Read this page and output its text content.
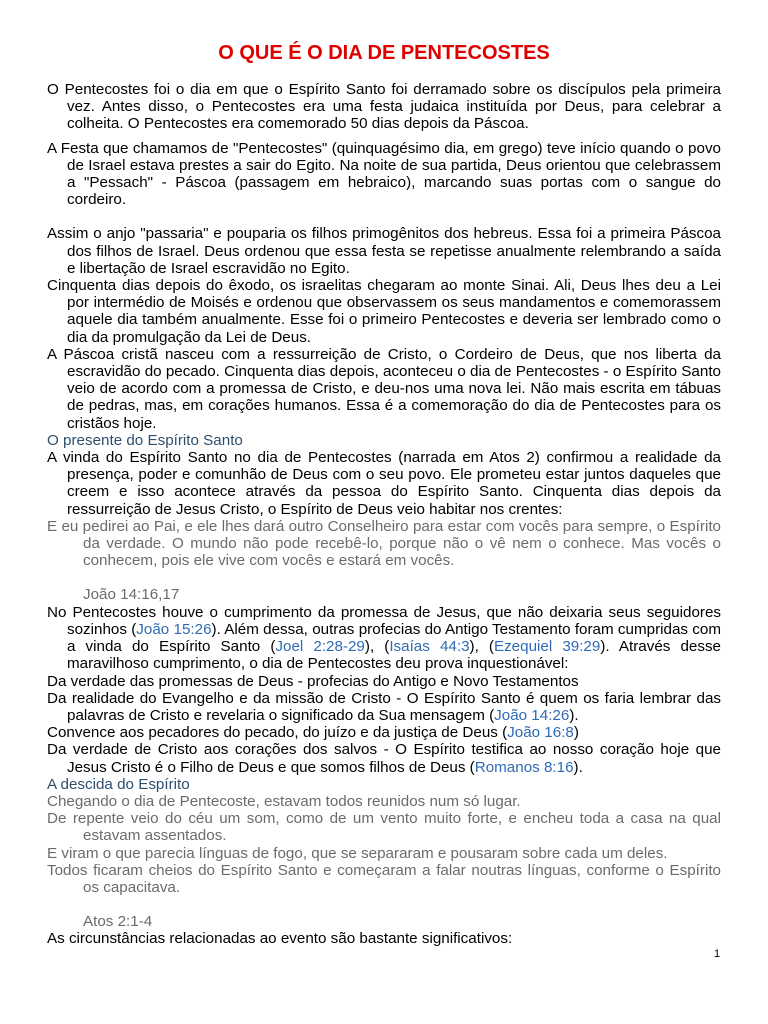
O QUE É O DIA DE PENTECOSTES

O Pentecostes foi o dia em que o Espírito Santo foi derramado sobre os discípulos pela primeira vez. Antes disso, o Pentecostes era uma festa judaica instituída por Deus, para celebrar a colheita. O Pentecostes era comemorado 50 dias depois da Páscoa.

A Festa que chamamos de "Pentecostes" (quinquagésimo dia, em grego) teve início quando o povo de Israel estava prestes a sair do Egito. Na noite de sua partida, Deus orientou que celebrassem a "Pessach" - Páscoa (passagem em hebraico), marcando suas portas com o sangue do cordeiro.

Assim o anjo "passaria" e pouparia os filhos primogênitos dos hebreus. Essa foi a primeira Páscoa dos filhos de Israel. Deus ordenou que essa festa se repetisse anualmente relembrando a saída e libertação de Israel escravidão no Egito.

Cinquenta dias depois do êxodo, os israelitas chegaram ao monte Sinai. Ali, Deus lhes deu a Lei por intermédio de Moisés e ordenou que observassem os seus mandamentos e comemorassem aquele dia também anualmente. Esse foi o primeiro Pentecostes e deveria ser lembrado como o dia da promulgação da Lei de Deus.

A Páscoa cristã nasceu com a ressurreição de Cristo, o Cordeiro de Deus, que nos liberta da escravidão do pecado. Cinquenta dias depois, aconteceu o dia de Pentecostes - o Espírito Santo veio de acordo com a promessa de Cristo, e deu-nos uma nova lei. Não mais escrita em tábuas de pedras, mas, em corações humanos. Essa é a comemoração do dia de Pentecostes para os cristãos hoje.

O presente do Espírito Santo

A vinda do Espírito Santo no dia de Pentecostes (narrada em Atos 2) confirmou a realidade da presença, poder e comunhão de Deus com o seu povo. Ele prometeu estar juntos daqueles que creem e isso acontece através da pessoa do Espírito Santo. Cinquenta dias depois da ressurreição de Jesus Cristo, o Espírito de Deus veio habitar nos crentes:

E eu pedirei ao Pai, e ele lhes dará outro Conselheiro para estar com vocês para sempre, o Espírito da verdade. O mundo não pode recebê-lo, porque não o vê nem o conhece. Mas vocês o conhecem, pois ele vive com vocês e estará em vocês.

João 14:16,17

No Pentecostes houve o cumprimento da promessa de Jesus, que não deixaria seus seguidores sozinhos (João 15:26). Além dessa, outras profecias do Antigo Testamento foram cumpridas com a vinda do Espírito Santo (Joel 2:28-29), (Isaías 44:3), (Ezequiel 39:29). Através desse maravilhoso cumprimento, o dia de Pentecostes deu prova inquestionável:

Da verdade das promessas de Deus - profecias do Antigo e Novo Testamentos

Da realidade do Evangelho e da missão de Cristo - O Espírito Santo é quem os faria lembrar das palavras de Cristo e revelaria o significado da Sua mensagem (João 14:26).

Convence aos pecadores do pecado, do juízo e da justiça de Deus (João 16:8)

Da verdade de Cristo aos corações dos salvos - O Espírito testifica ao nosso coração hoje que Jesus Cristo é o Filho de Deus e que somos filhos de Deus (Romanos 8:16).

A descida do Espírito

Chegando o dia de Pentecoste, estavam todos reunidos num só lugar.
De repente veio do céu um som, como de um vento muito forte, e encheu toda a casa na qual estavam assentados.
E viram o que parecia línguas de fogo, que se separaram e pousaram sobre cada um deles.
Todos ficaram cheios do Espírito Santo e começaram a falar noutras línguas, conforme o Espírito os capacitava.

Atos 2:1-4

As circunstâncias relacionadas ao evento são bastante significativos:

1
